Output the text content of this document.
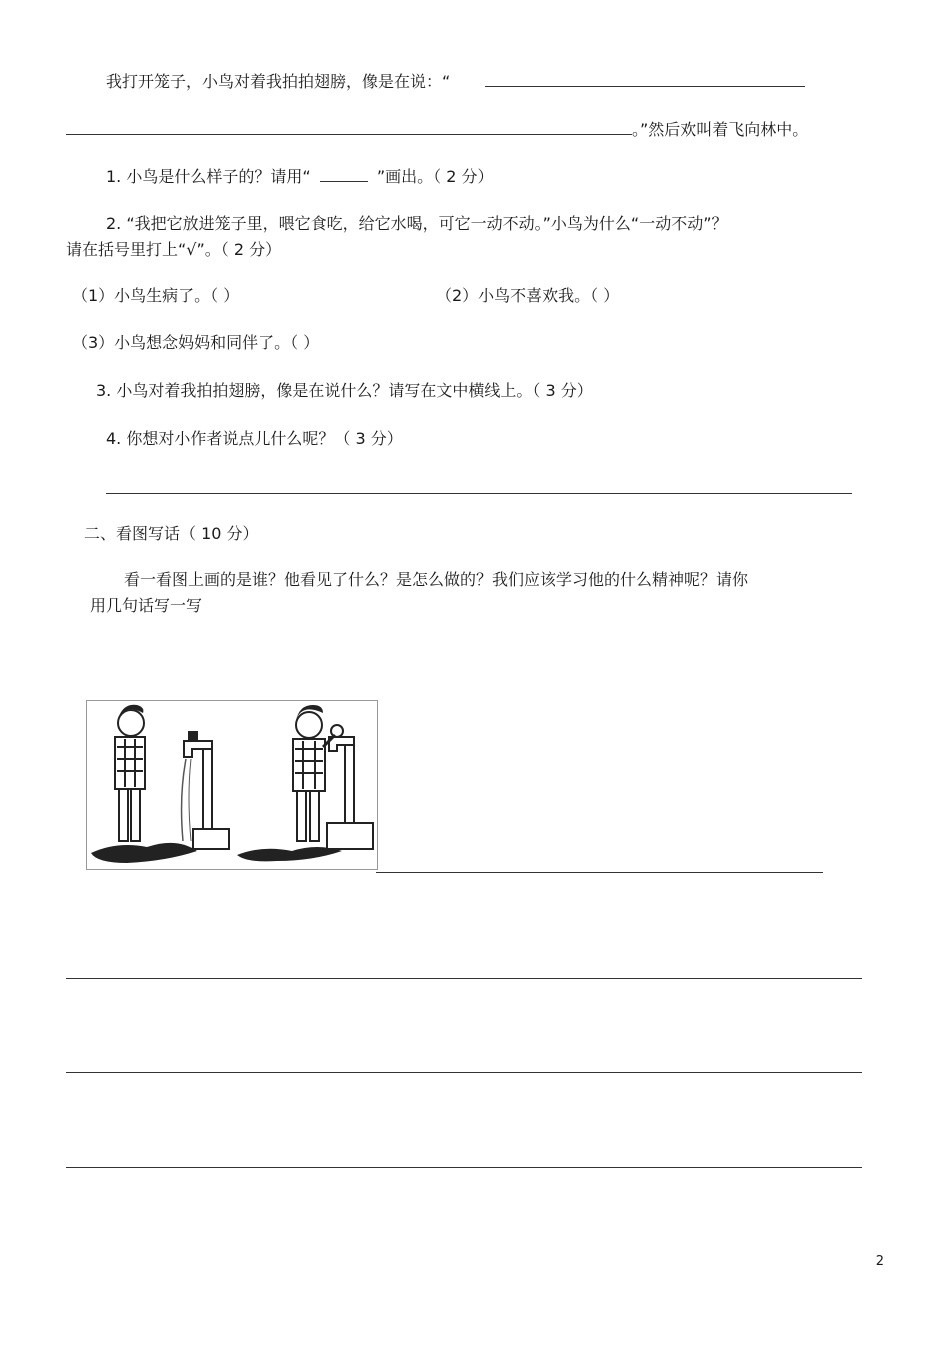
我打开笼子，小鸟对着我拍拍翅膀，像是在说：“
。”然后欢叫着飞向林中。
1. 小鸟是什么样子的？请用“	”画出。（ 2 分）
2. “我把它放进笼子里，喂它食吃，给它水喝，可它一动不动。”小鸟为什么“一动不动”？
请在括号里打上“√”。（ 2 分）
（1）小鸟生病了。（ ）	（2）小鸟不喜欢我。（ ）
（3）小鸟想念妈妈和同伴了。（ ）
3. 小鸟对着我拍拍翅膀，像是在说什么？请写在文中横线上。（ 3 分）
4. 你想对小作者说点儿什么呢？（ 3 分）
二、看图写话（ 10 分）
看一看图上画的是谁？他看见了什么？是怎么做的？我们应该学习他的什么精神呢？请你
用几句话写一写
2
